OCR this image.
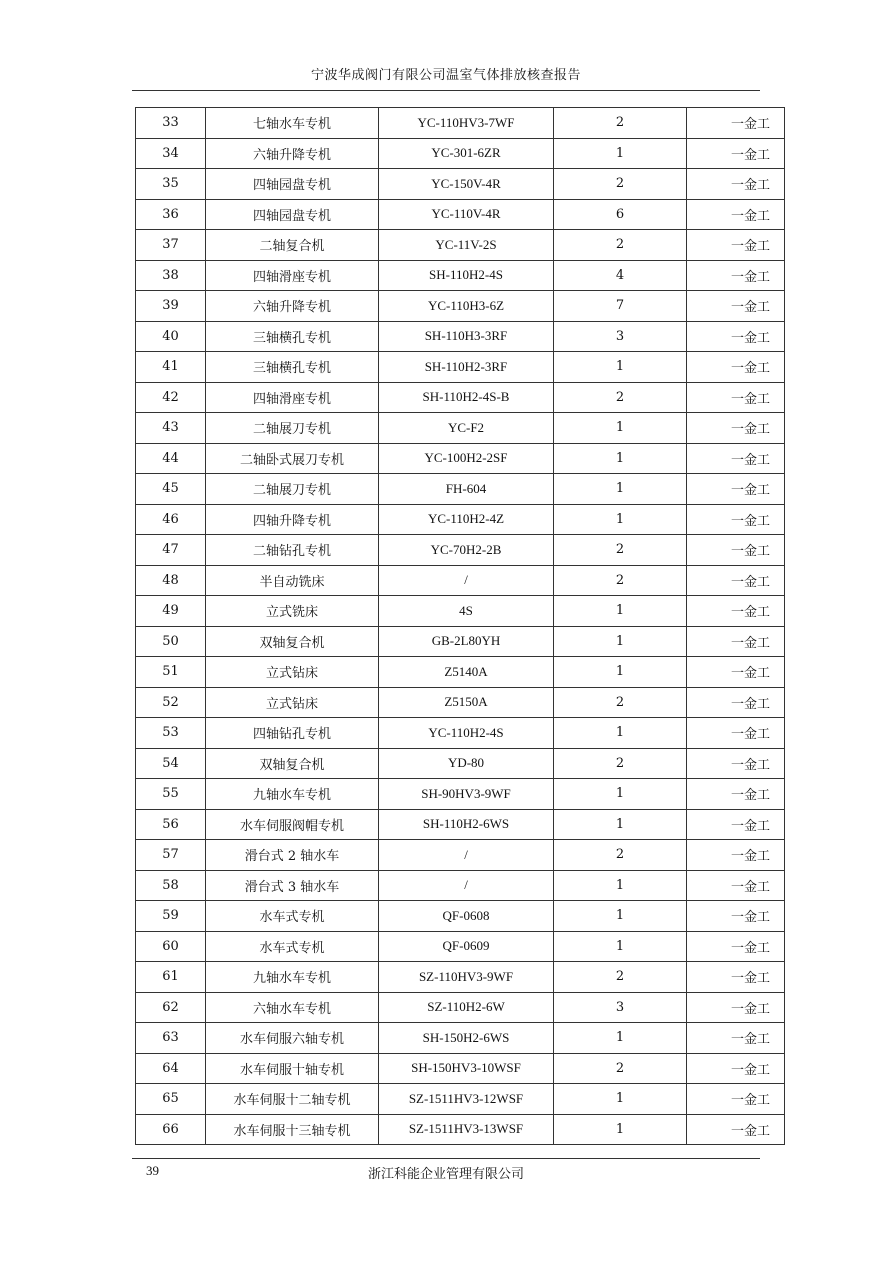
宁波华成阀门有限公司温室气体排放核查报告
33	七轴水车专机	YC-110HV3-7WF	2	一金工
34	六轴升降专机	YC-301-6ZR	1	一金工
35	四轴园盘专机	YC-150V-4R	2	一金工
36	四轴园盘专机	YC-110V-4R	6	一金工
37	二轴复合机	YC-11V-2S	2	一金工
38	四轴滑座专机	SH-110H2-4S	4	一金工
39	六轴升降专机	YC-110H3-6Z	7	一金工
40	三轴横孔专机	SH-110H3-3RF	3	一金工
41	三轴横孔专机	SH-110H2-3RF	1	一金工
42	四轴滑座专机	SH-110H2-4S-B	2	一金工
43	二轴展刀专机	YC-F2	1	一金工
44	二轴卧式展刀专机	YC-100H2-2SF	1	一金工
45	二轴展刀专机	FH-604	1	一金工
46	四轴升降专机	YC-110H2-4Z	1	一金工
47	二轴钻孔专机	YC-70H2-2B	2	一金工
48	半自动铣床	/	2	一金工
49	立式铣床	4S	1	一金工
50	双轴复合机	GB-2L80YH	1	一金工
51	立式钻床	Z5140A	1	一金工
52	立式钻床	Z5150A	2	一金工
53	四轴钻孔专机	YC-110H2-4S	1	一金工
54	双轴复合机	YD-80	2	一金工
55	九轴水车专机	SH-90HV3-9WF	1	一金工
56	水车伺服阀帽专机	SH-110H2-6WS	1	一金工
57	滑台式 2 轴水车	/	2	一金工
58	滑台式 3 轴水车	/	1	一金工
59	水车式专机	QF-0608	1	一金工
60	水车式专机	QF-0609	1	一金工
61	九轴水车专机	SZ-110HV3-9WF	2	一金工
62	六轴水车专机	SZ-110H2-6W	3	一金工
63	水车伺服六轴专机	SH-150H2-6WS	1	一金工
64	水车伺服十轴专机	SH-150HV3-10WSF	2	一金工
65	水车伺服十二轴专机	SZ-1511HV3-12WSF	1	一金工
66	水车伺服十三轴专机	SZ-1511HV3-13WSF	1	一金工
39	浙江科能企业管理有限公司
